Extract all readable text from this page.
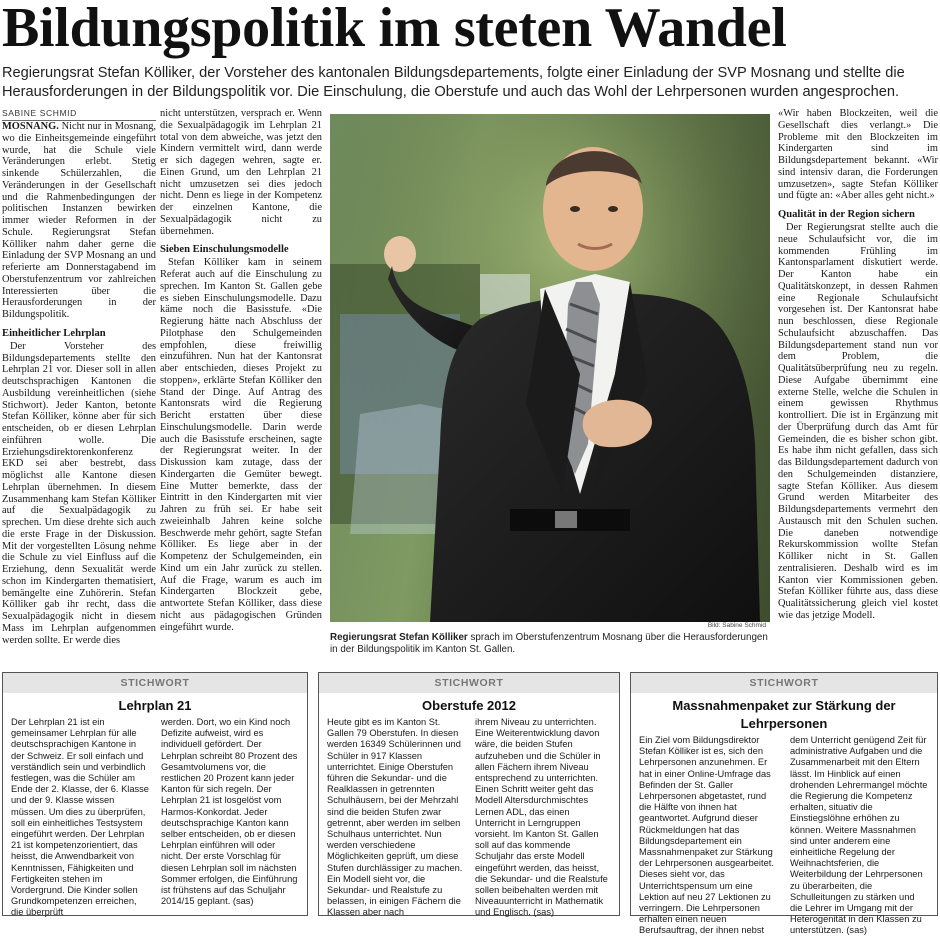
Bildungspolitik im steten Wandel
Regierungsrat Stefan Kölliker, der Vorsteher des kantonalen Bildungsdepartements, folgte einer Einladung der SVP Mosnang und stellte die Herausforderungen in der Bildungspolitik vor. Die Einschulung, die Oberstufe und auch das Wohl der Lehrpersonen wurden angesprochen.
SABINE SCHMID

MOSNANG. Nicht nur in Mosnang, wo die Einheitsgemeinde eingeführt wurde, hat die Schule viele Veränderungen erlebt. Stetig sinkende Schülerzahlen, die Veränderungen in der Gesellschaft und die Rahmenbedingungen der politischen Instanzen bewirken immer wieder Reformen in der Schule. Regierungsrat Stefan Kölliker nahm daher gerne die Einladung der SVP Mosnang an und referierte am Donnerstagabend im Oberstufenzentrum vor zahlreichen Interessierten über die Herausforderungen in der Bildungspolitik.

Einheitlicher Lehrplan

Der Vorsteher des Bildungsdepartements stellte den Lehrplan 21 vor. Dieser soll in allen deutschsprachigen Kantonen die Ausbildung vereinheitlichen (siehe Stichwort). Jeder Kanton, betonte Stefan Kölliker, könne aber für sich entscheiden, ob er diesen Lehrplan einführen wolle. Die Erziehungsdirektorenkonferenz EKD sei aber bestrebt, dass möglichst alle Kantone diesen Lehrplan übernehmen. In diesem Zusammenhang kam Stefan Kölliker auf die Sexualpädagogik zu sprechen. Um diese drehte sich auch die erste Frage in der Diskussion. Mit der vorgestellten Lösung nehme die Schule zu viel Einfluss auf die Erziehung, denn Sexualität werde schon im Kindergarten thematisiert, bemängelte eine Zuhörerin. Stefan Kölliker gab ihr recht, dass die Sexualpädagogik nicht in diesem Mass im Lehrplan aufgenommen werden sollte. Er werde dies

nicht unterstützen, versprach er. Wenn die Sexualpädagogik im Lehrplan 21 total von dem abweiche, was jetzt den Kindern vermittelt wird, dann werde er sich dagegen wehren, sagte er. Einen Grund, um den Lehrplan 21 nicht umzusetzen sei dies jedoch nicht. Denn es liege in der Kompetenz der einzelnen Kantone, die Sexualpädagogik nicht zu übernehmen.

Sieben Einschulungsmodelle

Stefan Kölliker kam in seinem Referat auch auf die Einschulung zu sprechen. Im Kanton St. Gallen gebe es sieben Einschulungsmodelle. Dazu käme noch die Basisstufe. «Die Regierung hätte nach Abschluss der Pilotphase den Schulgemeinden empfohlen, diese freiwillig einzuführen. Nun hat der Kantonsrat aber entschieden, dieses Projekt zu stoppen», erklärte Stefan Kölliker den Stand der Dinge. Auf Antrag des Kantonsrats wird die Regierung Bericht erstatten über diese Einschulungsmodelle. Darin werde auch die Basisstufe erscheinen, sagte der Regierungsrat weiter. In der Diskussion kam zutage, dass der Kindergarten die Gemüter bewegt. Eine Mutter bemerkte, dass der Eintritt in den Kindergarten mit vier Jahren zu früh sei. Er habe seit zweieinhalb Jahren keine solche Beschwerde mehr gehört, sagte Stefan Kölliker. Es liege aber in der Kompetenz der Schulgemeinden, ein Kind um ein Jahr zurück zu stellen. Auf die Frage, warum es auch im Kindergarten Blockzeit gebe, antwortete Stefan Kölliker, dass diese nicht aus pädagogischen Gründen eingeführt wurde.	Bild: Sabine Schmid
Regierungsrat Stefan Kölliker sprach im Oberstufenzentrum Mosnang über die Herausforderungen in der Bildungspolitik im Kanton St. Gallen.

«Wir haben Blockzeiten, weil die Gesellschaft dies verlangt.» Die Probleme mit den Blockzeiten im Kindergarten sind im Bildungsdepartement bekannt. «Wir sind intensiv daran, die Forderungen umzusetzen», sagte Stefan Kölliker und fügte an: «Aber alles geht nicht.»

Qualität in der Region sichern

Der Regierungsrat stellte auch die neue Schulaufsicht vor, die im kommenden Frühling im Kantonsparlament diskutiert werde. Der Kanton habe ein Qualitätskonzept, in dessen Rahmen eine Regionale Schulaufsicht vorgesehen ist. Der Kantonsrat habe nun beschlossen, diese Regionale Schulaufsicht abzuschaffen. Das Bildungsdepartement stand nun vor dem Problem, die Qualitätsüberprüfung neu zu regeln. Diese Aufgabe übernimmt eine externe Stelle, welche die Schulen in einem gewissen Rhythmus kontrolliert. Die ist in Ergänzung mit der Überprüfung durch das Amt für Gemeinden, die es bisher schon gibt. Es habe ihm nicht gefallen, dass sich das Bildungsdepartement dadurch von den Schulgemeinden distanziere, sagte Stefan Kölliker. Aus diesem Grund werden Mitarbeiter des Bildungsdepartements vermehrt den Austausch mit den Schulen suchen. Die daneben notwendige Rekurskommission wollte Stefan Kölliker nicht in St. Gallen zentralisieren. Deshalb wird es im Kanton vier Kommissionen geben. Stefan Kölliker führte aus, dass diese Qualitätssicherung gleich viel kostet wie das jetzige Modell.

STICHWORT
Lehrplan 21
Der Lehrplan 21 ist ein gemeinsamer Lehrplan für alle deutschsprachigen Kantone in der Schweiz. Er soll einfach und verständlich sein und verbindlich festlegen, was die Schüler am Ende der 2. Klasse, der 6. Klasse und der 9. Klasse wissen müssen. Um dies zu überprüfen, soll ein einheitliches Testsystem eingeführt werden. Der Lehrplan 21 ist kompetenzorientiert, das heisst, die Anwendbarkeit von Kenntnissen, Fähigkeiten und Fertigkeiten stehen im Vordergrund. Die Kinder sollen Grundkompetenzen erreichen, die überprüft
werden. Dort, wo ein Kind noch Defizite aufweist, wird es individuell gefördert. Der Lehrplan schreibt 80 Prozent des Gesamtvolumens vor, die restlichen 20 Prozent kann jeder Kanton für sich regeln. Der Lehrplan 21 ist losgelöst vom Harmos-Konkordat. Jeder deutschsprachige Kanton kann selber entscheiden, ob er diesen Lehrplan einführen will oder nicht. Der erste Vorschlag für diesen Lehrplan soll im nächsten Sommer erfolgen, die Einführung ist frühstens auf das Schuljahr 2014/15 geplant. (sas)
STICHWORT
Oberstufe 2012
Heute gibt es im Kanton St. Gallen 79 Oberstufen. In diesen werden 16349 Schülerinnen und Schüler in 917 Klassen unterrichtet. Einige Oberstufen führen die Sekundar- und die Realklassen in getrennten Schulhäusern, bei der Mehrzahl sind die beiden Stufen zwar getrennt, aber werden im selben Schulhaus unterrichtet. Nun werden verschiedene Möglichkeiten geprüft, um diese Stufen durchlässiger zu machen. Ein Modell sieht vor, die Sekundar- und Realstufe zu belassen, in einigen Fächern die Klassen aber nach
ihrem Niveau zu unterrichten. Eine Weiterentwicklung davon wäre, die beiden Stufen aufzuheben und die Schüler in allen Fächern ihrem Niveau entsprechend zu unterrichten. Einen Schritt weiter geht das Modell Altersdurchmischtes Lernen ADL, das einen Unterricht in Lerngruppen vorsieht. Im Kanton St. Gallen soll auf das kommende Schuljahr das erste Modell eingeführt werden, das heisst, die Sekundar- und die Realstufe sollen beibehalten werden mit Niveauunterricht in Mathematik und Englisch. (sas)
STICHWORT
Massnahmenpaket zur Stärkung der Lehrpersonen
Ein Ziel vom Bildungsdirektor Stefan Kölliker ist es, sich den Lehrpersonen anzunehmen. Er hat in einer Online-Umfrage das Befinden der St. Galler Lehrpersonen abgetastet, rund die Hälfte von ihnen hat geantwortet. Aufgrund dieser Rückmeldungen hat das Bildungsdepartement ein Massnahmenpaket zur Stärkung der Lehrpersonen ausgearbeitet. Dieses sieht vor, das Unterrichtspensum um eine Lektion auf neu 27 Lektionen zu verringern. Die Lehrpersonen erhalten einen neuen Berufsauftrag, der ihnen nebst
dem Unterricht genügend Zeit für administrative Aufgaben und die Zusammenarbeit mit den Eltern lässt. Im Hinblick auf einen drohenden Lehrermangel möchte die Regierung die Kompetenz erhalten, situativ die Einstiegslöhne erhöhen zu können. Weitere Massnahmen sind unter anderem eine einheitliche Regelung der Weihnachtsferien, die Weiterbildung der Lehrpersonen zu überarbeiten, die Schulleitungen zu stärken und die Lehrer im Umgang mit der Heterogenität in den Klassen zu unterstützen. (sas)
